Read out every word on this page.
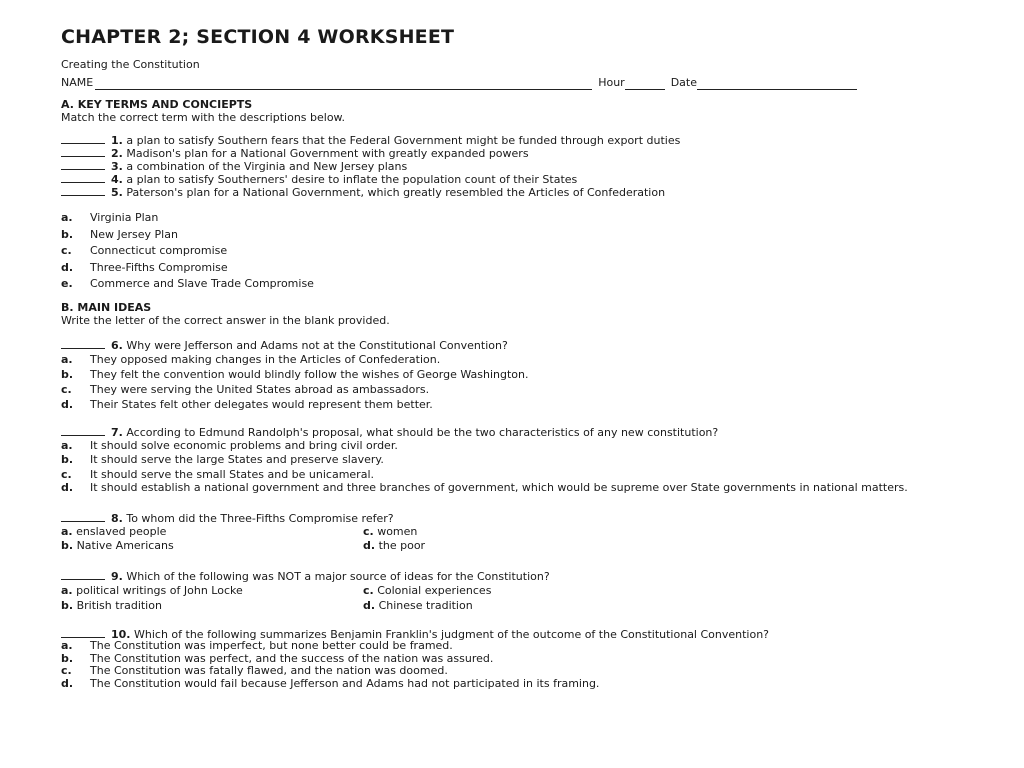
CHAPTER 2; SECTION 4 WORKSHEET
Creating the Constitution
NAME	Hour	Date
A. KEY TERMS AND CONCIEPTS
Match the correct term with the descriptions below.
1. a plan to satisfy Southern fears that the Federal Government might be funded through export duties
2. Madison's plan for a National Government with greatly expanded powers
3. a combination of the Virginia and New Jersey plans
4. a plan to satisfy Southerners' desire to inflate the population count of their States
5. Paterson's plan for a National Government, which greatly resembled the Articles of Confederation
a. Virginia Plan
b. New Jersey Plan
c. Connecticut compromise
d. Three-Fifths Compromise
e. Commerce and Slave Trade Compromise
B. MAIN IDEAS
Write the letter of the correct answer in the blank provided.
6. Why were Jefferson and Adams not at the Constitutional Convention?
a. They opposed making changes in the Articles of Confederation.
b. They felt the convention would blindly follow the wishes of George Washington.
c. They were serving the United States abroad as ambassadors.
d. Their States felt other delegates would represent them better.
7. According to Edmund Randolph's proposal, what should be the two characteristics of any new constitution?
a. It should solve economic problems and bring civil order.
b. It should serve the large States and preserve slavery.
c. It should serve the small States and be unicameral.
d.	It should establish a national government and three branches of government, which would be supreme over State governments in national matters.
8. To whom did the Three-Fifths Compromise refer?
a. enslaved people	c. women
b. Native Americans	d. the poor
9. Which of the following was NOT a major source of ideas for the Constitution?
a. political writings of John Locke	c. Colonial experiences
b. British tradition	d. Chinese tradition
10. Which of the following summarizes Benjamin Franklin's judgment of the outcome of the Constitutional Convention?
a. The Constitution was imperfect, but none better could be framed.
b. The Constitution was perfect, and the success of the nation was assured.
c. The Constitution was fatally flawed, and the nation was doomed.
d. The Constitution would fail because Jefferson and Adams had not participated in its framing.
